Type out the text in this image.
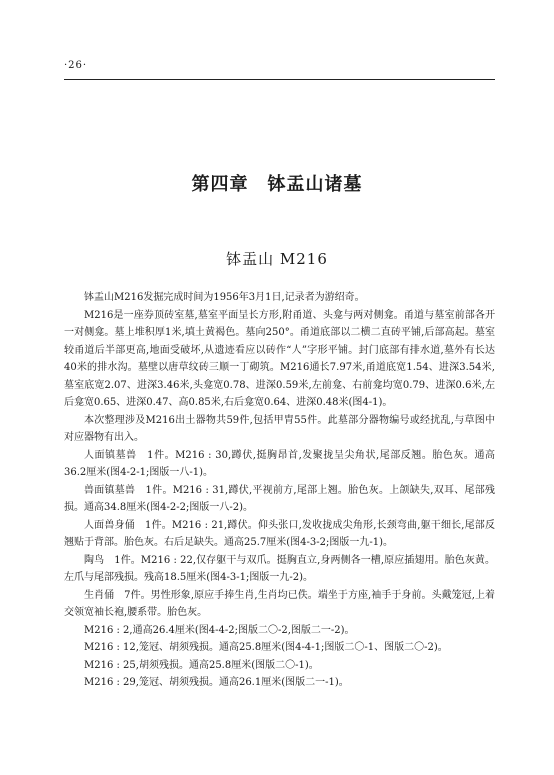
·26·
第四章　钵盂山诸墓
钵盂山 M216

钵盂山M216发掘完成时间为1956年3月1日,记录者为游绍奇。

M216是一座券顶砖室墓,墓室平面呈长方形,附甬道、头龛与两对侧龛。甬道与墓室前部各开一对侧龛。墓上堆积厚1米,填土黄褐色。墓向250°。甬道底部以二横二直砖平铺,后部高起。墓室较甬道后半部更高,地面受破坏,从遗迹看应以砖作“人”字形平铺。封门底部有排水道,墓外有长达40米的排水沟。墓壁以唐草纹砖三顺一丁砌筑。M216通长7.97米,甬道底宽1.54、进深3.54米,墓室底宽2.07、进深3.46米,头龛宽0.78、进深0.59米,左前龛、右前龛均宽0.79、进深0.6米,左后龛宽0.65、进深0.47、高0.85米,右后龛宽0.64、进深0.48米(图4-1)。

本次整理涉及M216出土器物共59件,包括甲胄55件。此墓部分器物编号或经扰乱,与草图中对应器物有出入。

人面镇墓兽　1件。M216 : 30,蹲伏,挺胸昂首,发聚拢呈尖角状,尾部反翘。胎色灰。通高36.2厘米(图4-2-1;图版一八-1)。

兽面镇墓兽　1件。M216 : 31,蹲伏,平视前方,尾部上翘。胎色灰。上颌缺失,双耳、尾部残损。通高34.8厘米(图4-2-2;图版一八-2)。

人面兽身俑　1件。M216 : 21,蹲伏。仰头张口,发收拢成尖角形,长颈弯曲,躯干细长,尾部反翘贴于背部。胎色灰。右后足缺失。通高25.7厘米(图4-3-2;图版一九-1)。

陶鸟　1件。M216 : 22,仅存躯干与双爪。挺胸直立,身两侧各一槽,原应插翅用。胎色灰黄。左爪与尾部残损。残高18.5厘米(图4-3-1;图版一九-2)。

生肖俑　7件。男性形象,原应手捧生肖,生肖均已佚。端坐于方座,袖手于身前。头戴笼冠,上着交领宽袖长袍,腰系带。胎色灰。

M216 : 2,通高26.4厘米(图4-4-2;图版二〇-2,图版二一-2)。

M216 : 12,笼冠、胡须残损。通高25.8厘米(图4-4-1;图版二〇-1、图版二〇-2)。

M216 : 25,胡须残损。通高25.8厘米(图版二〇-1)。

M216 : 29,笼冠、胡须残损。通高26.1厘米(图版二一-1)。
